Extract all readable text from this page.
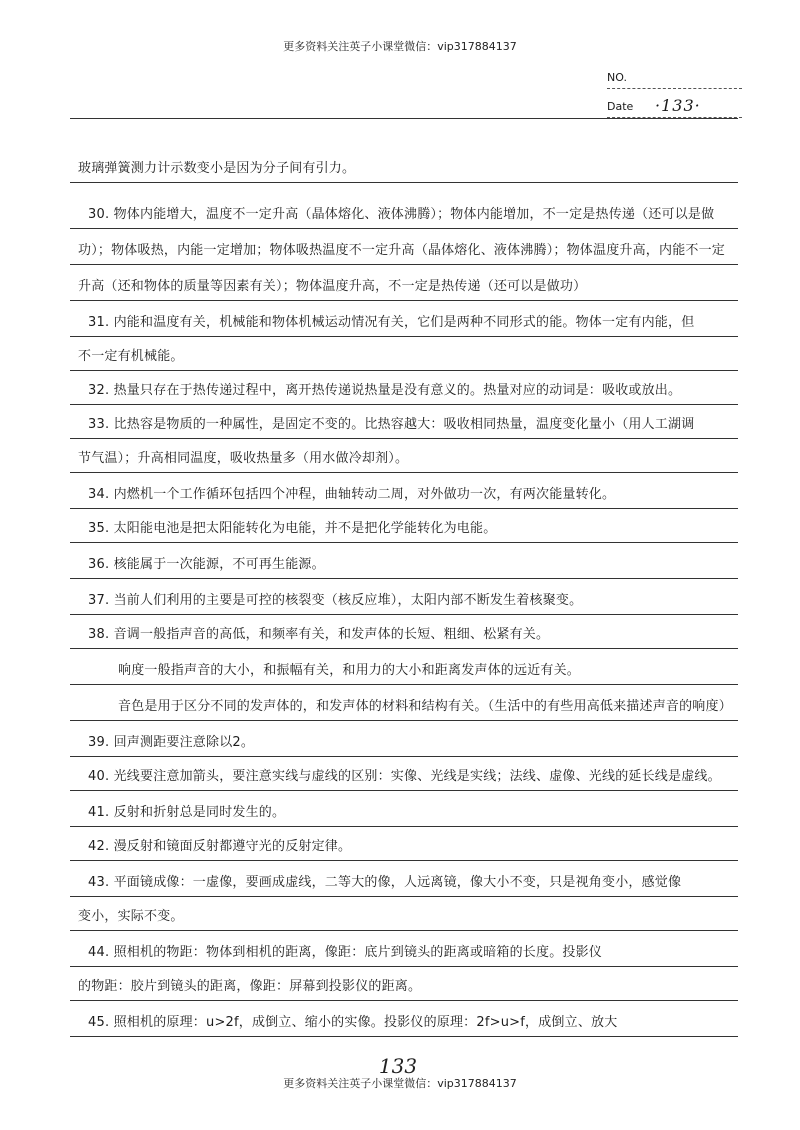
更多资料关注英子小课堂微信：vip317884137
NO.
Date ·133·
玻璃弹簧测力计示数变小是因为分子间有引力。
30. 物体内能增大，温度不一定升高（晶体熔化、液体沸腾）；物体内能增加，不一定是热传递（还可以是做
功）；物体吸热，内能一定增加；物体吸热温度不一定升高（晶体熔化、液体沸腾）；物体温度升高，内能不一定
升高（还和物体的质量等因素有关）；物体温度升高，不一定是热传递（还可以是做功）
31. 内能和温度有关，机械能和物体机械运动情况有关，它们是两种不同形式的能。物体一定有内能，但
不一定有机械能。
32. 热量只存在于热传递过程中，离开热传递说热量是没有意义的。热量对应的动词是：吸收或放出。
33. 比热容是物质的一种属性，是固定不变的。比热容越大：吸收相同热量，温度变化量小（用人工湖调
节气温）；升高相同温度，吸收热量多（用水做冷却剂）。
34. 内燃机一个工作循环包括四个冲程，曲轴转动二周，对外做功一次，有两次能量转化。
35. 太阳能电池是把太阳能转化为电能，并不是把化学能转化为电能。
36. 核能属于一次能源，不可再生能源。
37. 当前人们利用的主要是可控的核裂变（核反应堆），太阳内部不断发生着核聚变。
38. 音调一般指声音的高低，和频率有关，和发声体的长短、粗细、松紧有关。
响度一般指声音的大小，和振幅有关，和用力的大小和距离发声体的远近有关。
音色是用于区分不同的发声体的，和发声体的材料和结构有关。（生活中的有些用高低来描述声音的响度）
39. 回声测距要注意除以2。
40. 光线要注意加箭头，要注意实线与虚线的区别：实像、光线是实线；法线、虚像、光线的延长线是虚线。
41. 反射和折射总是同时发生的。
42. 漫反射和镜面反射都遵守光的反射定律。
43. 平面镜成像：一虚像，要画成虚线，二等大的像，人远离镜，像大小不变，只是视角变小，感觉像
变小，实际不变。
44. 照相机的物距：物体到相机的距离，像距：底片到镜头的距离或暗箱的长度。投影仪
的物距：胶片到镜头的距离，像距：屏幕到投影仪的距离。
45. 照相机的原理：u>2f，成倒立、缩小的实像。投影仪的原理：2f>u>f，成倒立、放大
133
更多资料关注英子小课堂微信：vip317884137
